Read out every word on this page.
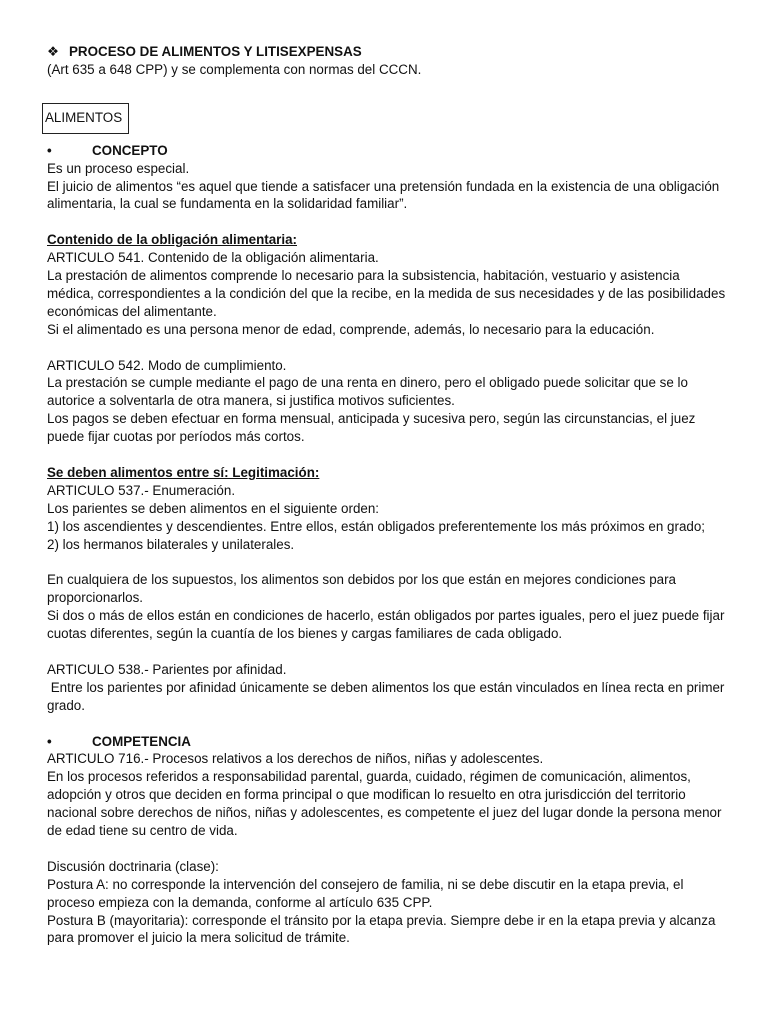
❖ PROCESO DE ALIMENTOS Y LITISEXPENSAS

(Art 635 a 648 CPP) y se complementa con normas del CCCN.

ALIMENTOS

•	CONCEPTO

Es un proceso especial.

El juicio de alimentos “es aquel que tiende a satisfacer una pretensión fundada en la existencia de una obligación alimentaria, la cual se fundamenta en la solidaridad familiar”.

Contenido de la obligación alimentaria:

ARTICULO 541. Contenido de la obligación alimentaria.

La prestación de alimentos comprende lo necesario para la subsistencia, habitación, vestuario y asistencia médica, correspondientes a la condición del que la recibe, en la medida de sus necesidades y de las posibilidades económicas del alimentante.

Si el alimentado es una persona menor de edad, comprende, además, lo necesario para la educación.

ARTICULO 542. Modo de cumplimiento.

La prestación se cumple mediante el pago de una renta en dinero, pero el obligado puede solicitar que se lo autorice a solventarla de otra manera, si justifica motivos suficientes.

Los pagos se deben efectuar en forma mensual, anticipada y sucesiva pero, según las circunstancias, el juez puede fijar cuotas por períodos más cortos.

Se deben alimentos entre sí: Legitimación:

ARTICULO 537.- Enumeración.

Los parientes se deben alimentos en el siguiente orden:

1) los ascendientes y descendientes. Entre ellos, están obligados preferentemente los más próximos en grado;

2) los hermanos bilaterales y unilaterales.

En cualquiera de los supuestos, los alimentos son debidos por los que están en mejores condiciones para proporcionarlos.

Si dos o más de ellos están en condiciones de hacerlo, están obligados por partes iguales, pero el juez puede fijar cuotas diferentes, según la cuantía de los bienes y cargas familiares de cada obligado.

ARTICULO 538.- Parientes por afinidad.

Entre los parientes por afinidad únicamente se deben alimentos los que están vinculados en línea recta en primer grado.

•	COMPETENCIA

ARTICULO 716.- Procesos relativos a los derechos de niños, niñas y adolescentes.

En los procesos referidos a responsabilidad parental, guarda, cuidado, régimen de comunicación, alimentos, adopción y otros que deciden en forma principal o que modifican lo resuelto en otra jurisdicción del territorio nacional sobre derechos de niños, niñas y adolescentes, es competente el juez del lugar donde la persona menor de edad tiene su centro de vida.

Discusión doctrinaria (clase):

Postura A: no corresponde la intervención del consejero de familia, ni se debe discutir en la etapa previa, el proceso empieza con la demanda, conforme al artículo 635 CPP.

Postura B (mayoritaria): corresponde el tránsito por la etapa previa. Siempre debe ir en la etapa previa y alcanza para promover el juicio la mera solicitud de trámite.
